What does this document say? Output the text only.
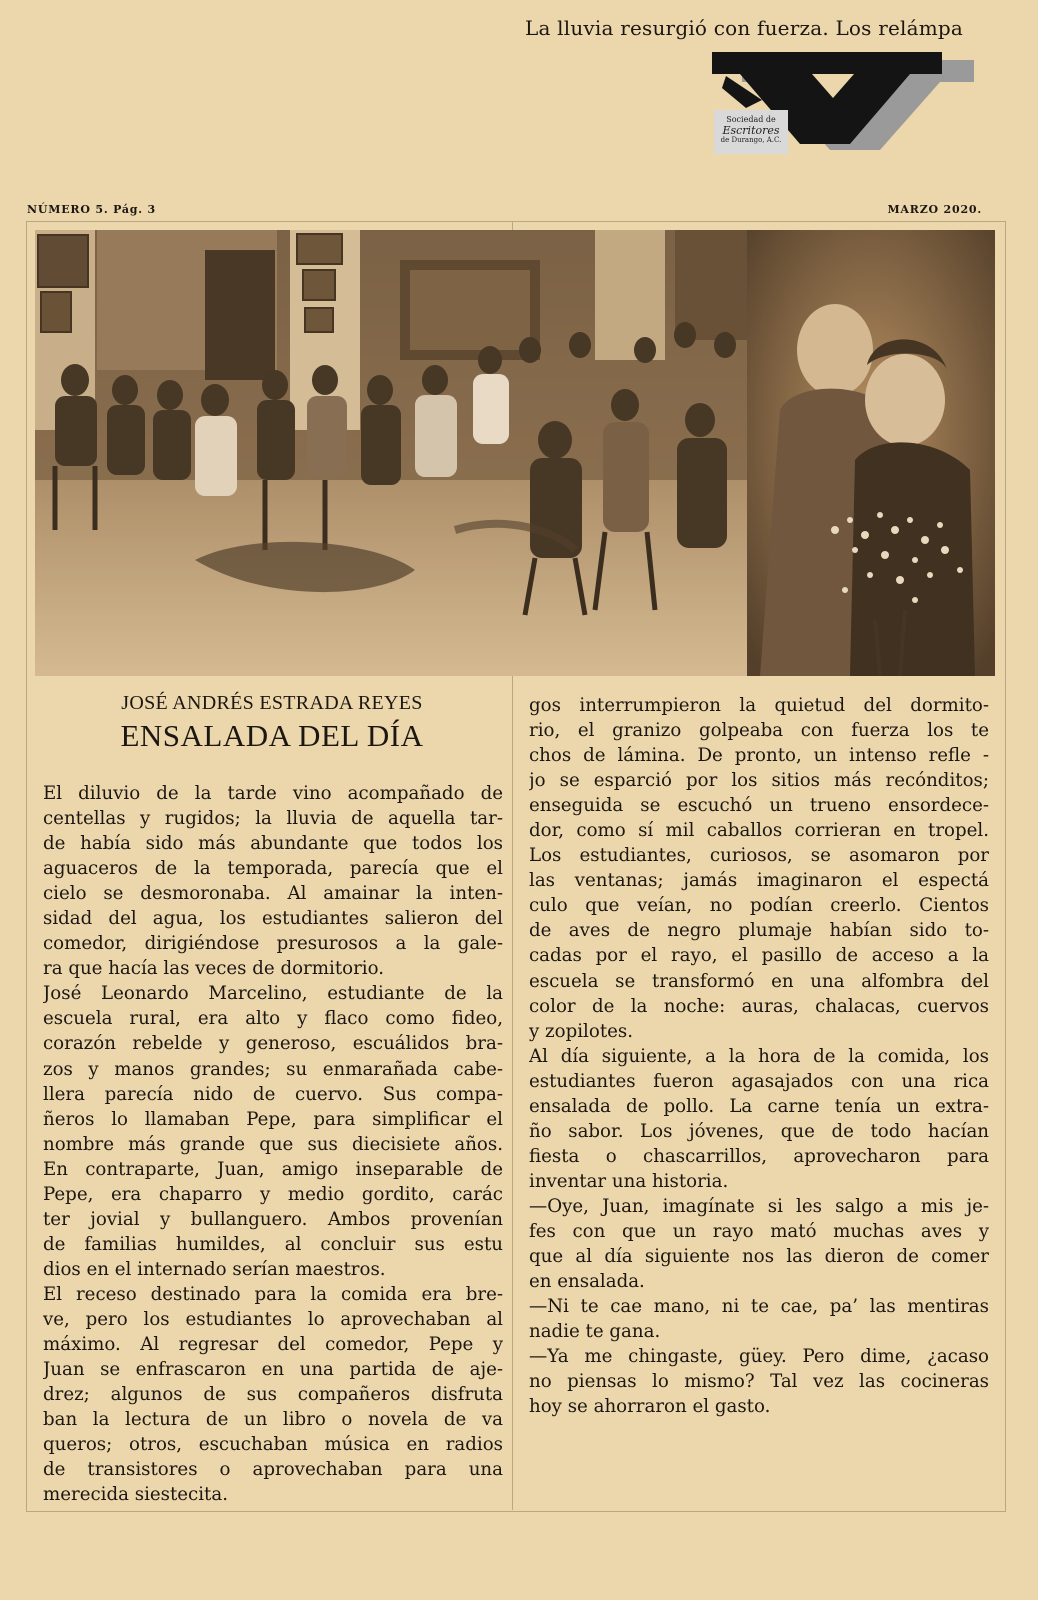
La lluvia resurgió con fuerza. Los relámpa
Sociedad de
Escritores
de Durango, A.C.
NÚMERO 5. Pág. 3	MARZO 2020.
JOSÉ ANDRÉS ESTRADA REYES
ENSALADA DEL DÍA

El diluvio de la tarde vino acompañado de

centellas y rugidos; la lluvia de aquella tar-

de había sido más abundante que todos los

aguaceros de la temporada, parecía que el

cielo se desmoronaba. Al amainar la inten-

sidad del agua, los estudiantes salieron del

comedor, dirigiéndose presurosos a la gale-

ra que hacía las veces de dormitorio.

José Leonardo Marcelino, estudiante de la

escuela rural, era alto y flaco como fideo,

corazón rebelde y generoso, escuálidos bra-

zos y manos grandes; su enmarañada cabe-

llera parecía nido de cuervo. Sus compa-

ñeros lo llamaban Pepe, para simplificar el

nombre más grande que sus diecisiete años.

En contraparte, Juan, amigo inseparable de

Pepe, era chaparro y medio gordito, carác

ter jovial y bullanguero. Ambos provenían

de familias humildes, al concluir sus estu

dios en el internado serían maestros.

El receso destinado para la comida era bre-

ve, pero los estudiantes lo aprovechaban al

máximo. Al regresar del comedor, Pepe y

Juan se enfrascaron en una partida de aje-

drez; algunos de sus compañeros disfruta

ban la lectura de un libro o novela de va

queros; otros, escuchaban música en radios

de transistores o aprovechaban para una

merecida siestecita.

gos interrumpieron la quietud del dormito-

rio, el granizo golpeaba con fuerza los te

chos de lámina. De pronto, un intenso refle -

jo se esparció por los sitios más recónditos;

enseguida se escuchó un trueno ensordece-

dor, como sí mil caballos corrieran en tropel.

Los estudiantes, curiosos, se asomaron por

las ventanas; jamás imaginaron el espectá

culo que veían, no podían creerlo. Cientos

de aves de negro plumaje habían sido to-

cadas por el rayo, el pasillo de acceso a la

escuela se transformó en una alfombra del

color de la noche: auras, chalacas, cuervos

y zopilotes.

Al día siguiente, a la hora de la comida, los

estudiantes fueron agasajados con una rica

ensalada de pollo. La carne tenía un extra-

ño sabor. Los jóvenes, que de todo hacían

fiesta o chascarrillos, aprovecharon para

inventar una historia.

—Oye, Juan, imagínate si les salgo a mis je-

fes con que un rayo mató muchas aves y

que al día siguiente nos las dieron de comer

en ensalada.

—Ni te cae mano, ni te cae, pa’ las mentiras

nadie te gana.

—Ya me chingaste, güey. Pero dime, ¿acaso

no piensas lo mismo? Tal vez las cocineras

hoy se ahorraron el gasto.
